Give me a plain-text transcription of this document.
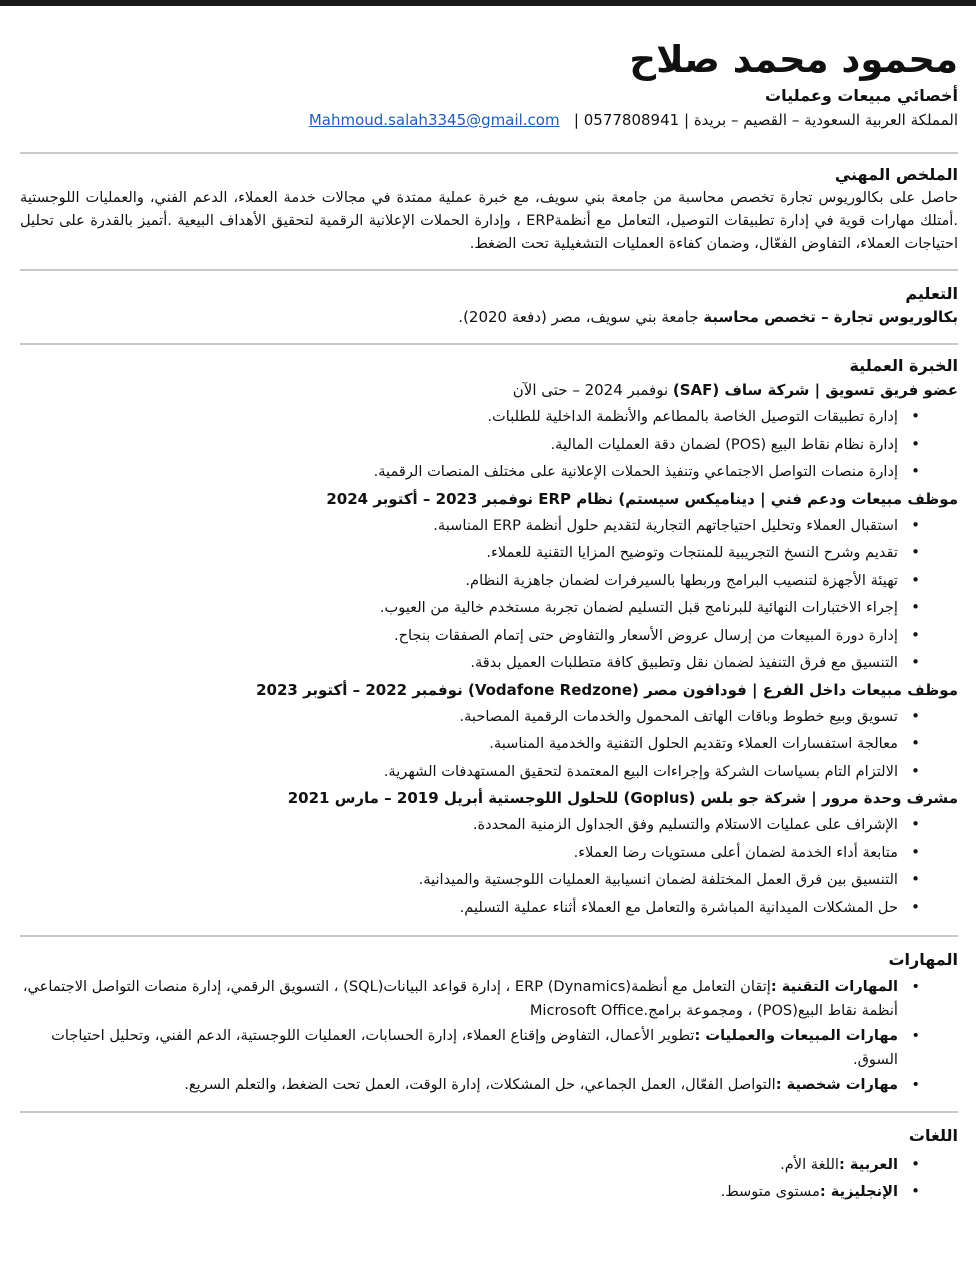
محمود محمد صلاح
أخصائي مبيعات وعمليات
المملكة العربية السعودية – القصيم – بريدة | 0577808941 |   Mahmoud.salah3345@gmail.com
الملخص المهني
حاصل على بكالوريوس تجارة تخصص محاسبة من جامعة بني سويف، مع خبرة عملية ممتدة في مجالات خدمة العملاء، الدعم الفني، والعمليات اللوجستية .أمتلك مهارات قوية في إدارة تطبيقات التوصيل، التعامل مع أنظمةERP ، وإدارة الحملات الإعلانية الرقمية لتحقيق الأهداف البيعية .أتميز بالقدرة على تحليل احتياجات العملاء، التفاوض الفعّال، وضمان كفاءة العمليات التشغيلية تحت الضغط.
التعليم
بكالوريوس تجارة – تخصص محاسبة جامعة بني سويف، مصر (دفعة 2020).
الخبرة العملية
عضو فريق تسويق | شركة ساف (SAF) نوفمبر 2024 – حتى الآن
• إدارة تطبيقات التوصيل الخاصة بالمطاعم والأنظمة الداخلية للطلبات.
• إدارة نظام نقاط البيع (POS) لضمان دقة العمليات المالية.
• إدارة منصات التواصل الاجتماعي وتنفيذ الحملات الإعلانية على مختلف المنصات الرقمية.
موظف مبيعات ودعم فني | ديناميكس سيستم) نظام ERP نوفمبر 2023 – أكتوبر 2024
• استقبال العملاء وتحليل احتياجاتهم التجارية لتقديم حلول أنظمة ERP المناسبة.
• تقديم وشرح النسخ التجريبية للمنتجات وتوضيح المزايا التقنية للعملاء.
• تهيئة الأجهزة لتنصيب البرامج وربطها بالسيرفرات لضمان جاهزية النظام.
• إجراء الاختبارات النهائية للبرنامج قبل التسليم لضمان تجربة مستخدم خالية من العيوب.
• إدارة دورة المبيعات من إرسال عروض الأسعار والتفاوض حتى إتمام الصفقات بنجاح.
• التنسيق مع فرق التنفيذ لضمان نقل وتطبيق كافة متطلبات العميل بدقة.
موظف مبيعات داخل الفرع | فودافون مصر (Vodafone Redzone) نوفمبر 2022 – أكتوبر 2023
• تسويق وبيع خطوط وباقات الهاتف المحمول والخدمات الرقمية المصاحبة.
• معالجة استفسارات العملاء وتقديم الحلول التقنية والخدمية المناسبة.
• الالتزام التام بسياسات الشركة وإجراءات البيع المعتمدة لتحقيق المستهدفات الشهرية.
مشرف وحدة مرور | شركة جو بلس (Goplus) للحلول اللوجستية أبريل 2019 – مارس 2021
• الإشراف على عمليات الاستلام والتسليم وفق الجداول الزمنية المحددة.
• متابعة أداء الخدمة لضمان أعلى مستويات رضا العملاء.
• التنسيق بين فرق العمل المختلفة لضمان انسيابية العمليات اللوجستية والميدانية.
• حل المشكلات الميدانية المباشرة والتعامل مع العملاء أثناء عملية التسليم.
المهارات
• المهارات التقنية :إتقان التعامل مع أنظمة(ERP (Dynamics ، إدارة قواعد البيانات(SQL) ، التسويق الرقمي، إدارة منصات التواصل الاجتماعي، أنظمة نقاط البيع(POS) ، ومجموعة برامج.Microsoft Office
• مهارات المبيعات والعمليات :تطوير الأعمال، التفاوض وإقناع العملاء، إدارة الحسابات، العمليات اللوجستية، الدعم الفني، وتحليل احتياجات السوق.
• مهارات شخصية :التواصل الفعّال، العمل الجماعي، حل المشكلات، إدارة الوقت، العمل تحت الضغط، والتعلم السريع.
اللغات
• العربية :اللغة الأم.
• الإنجليزية :مستوى متوسط.
